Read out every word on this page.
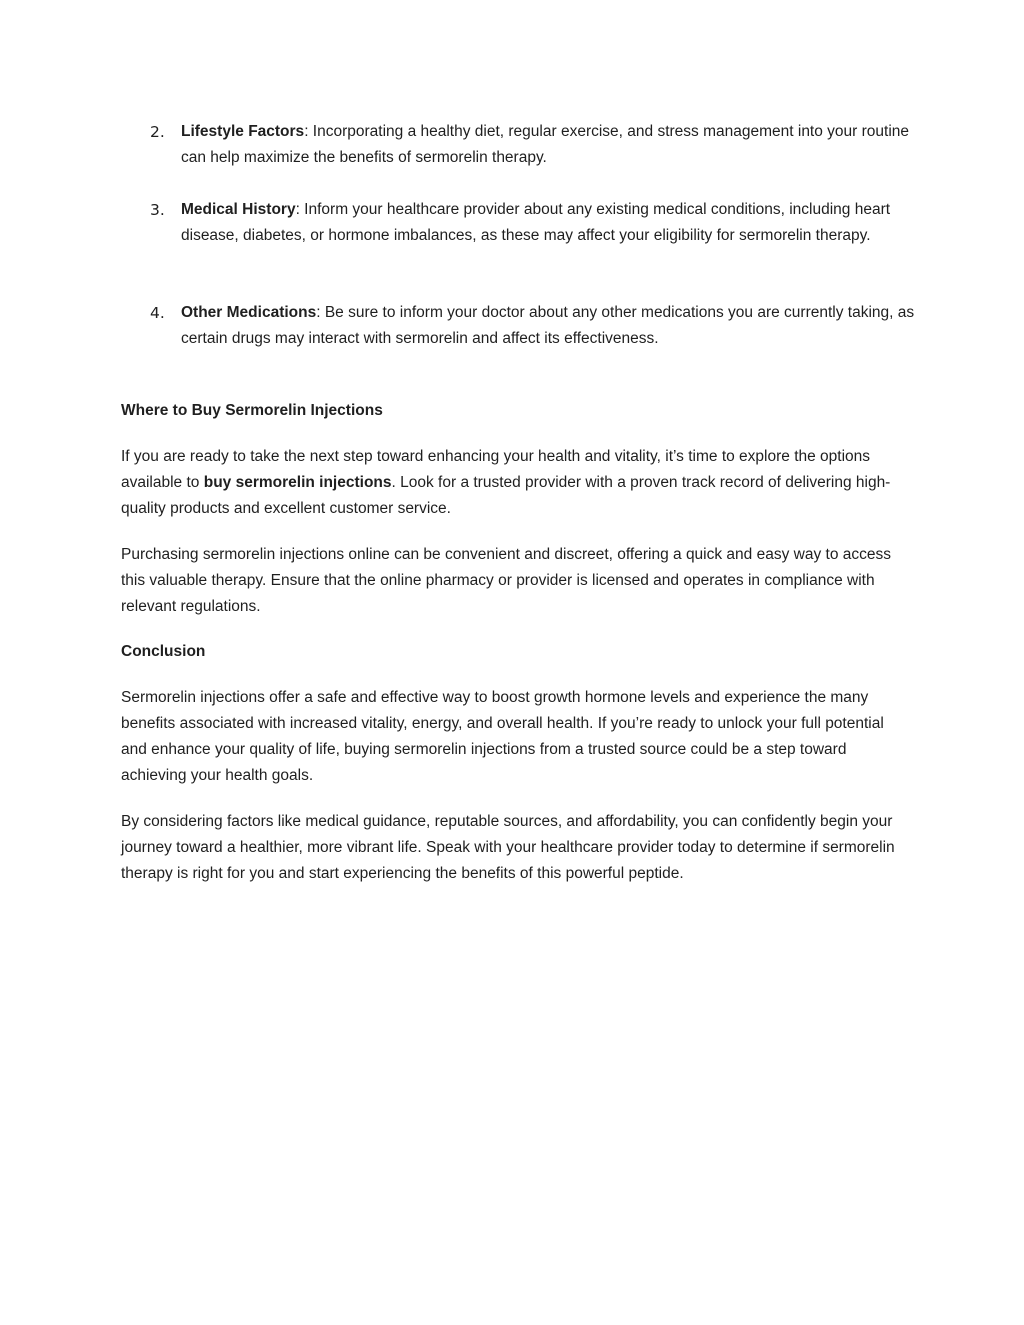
2. Lifestyle Factors: Incorporating a healthy diet, regular exercise, and stress management into your routine can help maximize the benefits of sermorelin therapy.
3. Medical History: Inform your healthcare provider about any existing medical conditions, including heart disease, diabetes, or hormone imbalances, as these may affect your eligibility for sermorelin therapy.
4. Other Medications: Be sure to inform your doctor about any other medications you are currently taking, as certain drugs may interact with sermorelin and affect its effectiveness.
Where to Buy Sermorelin Injections
If you are ready to take the next step toward enhancing your health and vitality, it’s time to explore the options available to buy sermorelin injections. Look for a trusted provider with a proven track record of delivering high-quality products and excellent customer service.
Purchasing sermorelin injections online can be convenient and discreet, offering a quick and easy way to access this valuable therapy. Ensure that the online pharmacy or provider is licensed and operates in compliance with relevant regulations.
Conclusion
Sermorelin injections offer a safe and effective way to boost growth hormone levels and experience the many benefits associated with increased vitality, energy, and overall health. If you’re ready to unlock your full potential and enhance your quality of life, buying sermorelin injections from a trusted source could be a step toward achieving your health goals.
By considering factors like medical guidance, reputable sources, and affordability, you can confidently begin your journey toward a healthier, more vibrant life. Speak with your healthcare provider today to determine if sermorelin therapy is right for you and start experiencing the benefits of this powerful peptide.
